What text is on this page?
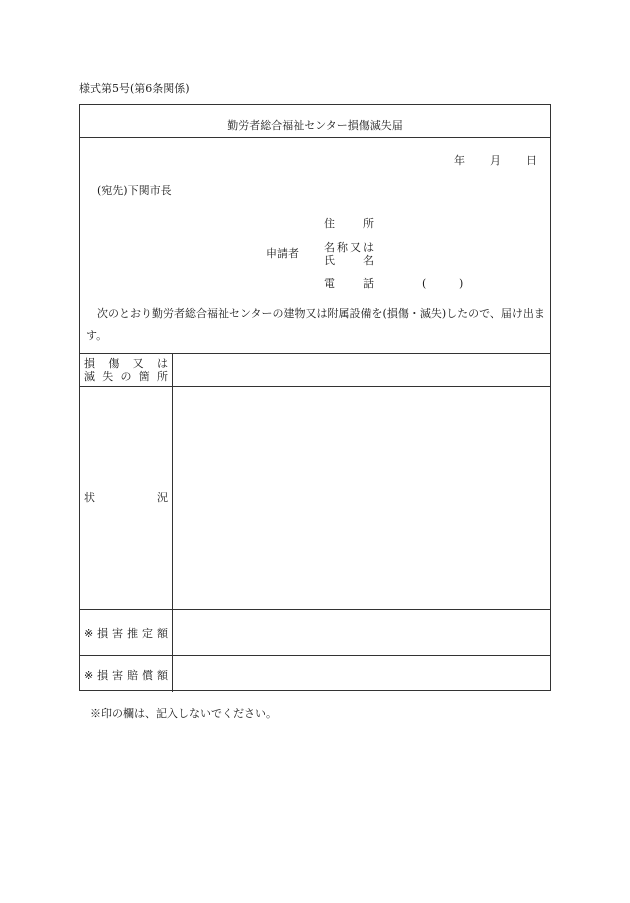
様式第5号(第6条関係)
勤労者総合福祉センター損傷滅失届
年 月 日
(宛先)下関市長
申請者
住	所
名 称 又 は
氏	名
電	話	(	)
次のとおり勤労者総合福祉センターの建物又は附属設備を(損傷・滅失)したので、届け出ます。
損 傷 又 は
滅 失 の 箇 所
状	況
※ 損 害 推 定 額
※ 損 害 賠 償 額
※印の欄は、記入しないでください。
